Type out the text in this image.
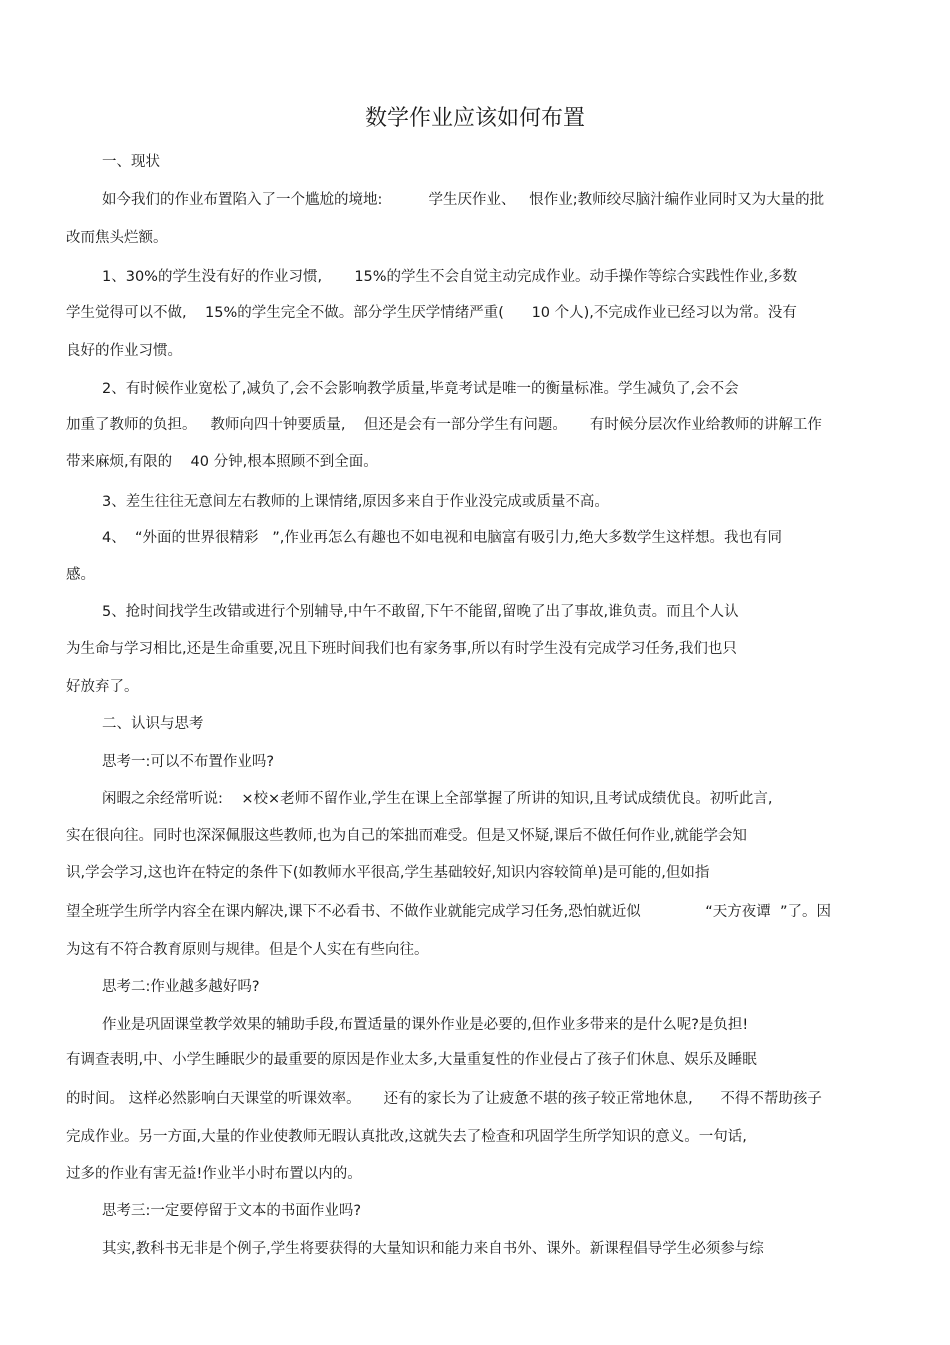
数学作业应该如何布置

一、现状

如今我们的作业布置陷入了一个尴尬的境地:          学生厌作业、   恨作业;教师绞尽脑汁编作业同时又为大量的批

改而焦头烂额。

1、30%的学生没有好的作业习惯,       15%的学生不会自觉主动完成作业。动手操作等综合实践性作业,多数

学生觉得可以不做,    15%的学生完全不做。部分学生厌学情绪严重(      10 个人),不完成作业已经习以为常。没有

良好的作业习惯。

2、有时候作业宽松了,减负了,会不会影响教学质量,毕竟考试是唯一的衡量标准。学生减负了,会不会

加重了教师的负担。   教师向四十钟要质量,    但还是会有一部分学生有问题。     有时候分层次作业给教师的讲解工作

带来麻烦,有限的    40 分钟,根本照顾不到全面。

3、差生往往无意间左右教师的上课情绪,原因多来自于作业没完成或质量不高。

4、  “外面的世界很精彩   ”,作业再怎么有趣也不如电视和电脑富有吸引力,绝大多数学生这样想。我也有同

感。

5、抢时间找学生改错或进行个别辅导,中午不敢留,下午不能留,留晚了出了事故,谁负责。而且个人认

为生命与学习相比,还是生命重要,况且下班时间我们也有家务事,所以有时学生没有完成学习任务,我们也只

好放弃了。

二、认识与思考

思考一:可以不布置作业吗?

闲暇之余经常听说:    ×校×老师不留作业,学生在课上全部掌握了所讲的知识,且考试成绩优良。初听此言,

实在很向往。同时也深深佩服这些教师,也为自己的笨拙而难受。但是又怀疑,课后不做任何作业,就能学会知

识,学会学习,这也许在特定的条件下(如教师水平很高,学生基础较好,知识内容较简单)是可能的,但如指

望全班学生所学内容全在课内解决,课下不必看书、不做作业就能完成学习任务,恐怕就近似              “天方夜谭  ”了。因

为这有不符合教育原则与规律。但是个人实在有些向往。

思考二:作业越多越好吗?

作业是巩固课堂教学效果的辅助手段,布置适量的课外作业是必要的,但作业多带来的是什么呢?是负担!

有调查表明,中、小学生睡眠少的最重要的原因是作业太多,大量重复性的作业侵占了孩子们休息、娱乐及睡眠

的时间。 这样必然影响白天课堂的听课效率。     还有的家长为了让疲惫不堪的孩子较正常地休息,      不得不帮助孩子

完成作业。另一方面,大量的作业使教师无暇认真批改,这就失去了检查和巩固学生所学知识的意义。一句话,

过多的作业有害无益!作业半小时布置以内的。

思考三:一定要停留于文本的书面作业吗?

其实,教科书无非是个例子,学生将要获得的大量知识和能力来自书外、课外。新课程倡导学生必须参与综
